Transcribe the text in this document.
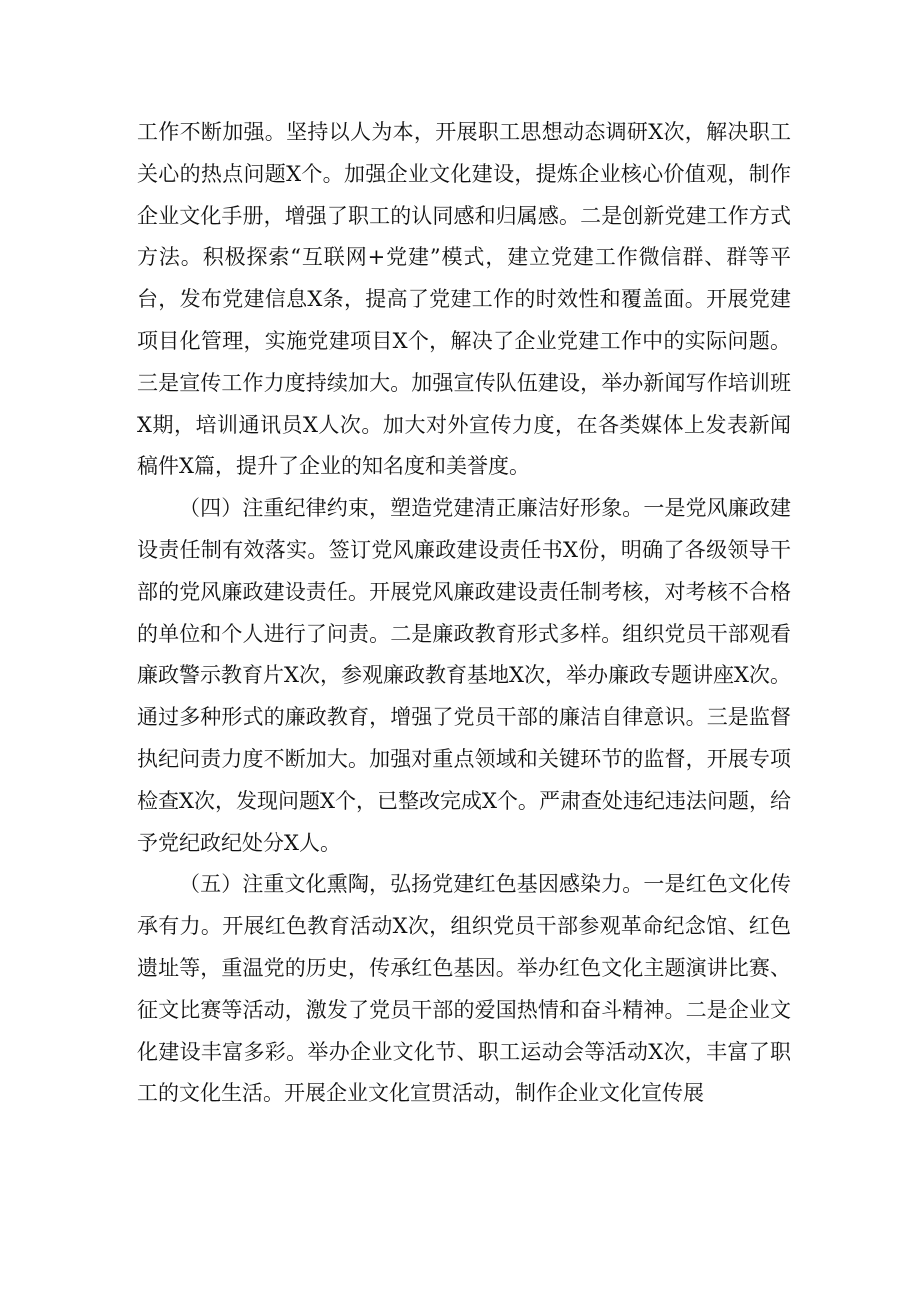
工作不断加强。坚持以人为本，开展职工思想动态调研X次，解决职工关心的热点问题X个。加强企业文化建设，提炼企业核心价值观，制作企业文化手册，增强了职工的认同感和归属感。二是创新党建工作方式方法。积极探索“互联网+党建”模式，建立党建工作微信群、群等平台，发布党建信息X条，提高了党建工作的时效性和覆盖面。开展党建项目化管理，实施党建项目X个，解决了企业党建工作中的实际问题。三是宣传工作力度持续加大。加强宣传队伍建设，举办新闻写作培训班X期，培训通讯员X人次。加大对外宣传力度，在各类媒体上发表新闻稿件X篇，提升了企业的知名度和美誉度。

（四）注重纪律约束，塑造党建清正廉洁好形象。一是党风廉政建设责任制有效落实。签订党风廉政建设责任书X份，明确了各级领导干部的党风廉政建设责任。开展党风廉政建设责任制考核，对考核不合格的单位和个人进行了问责。二是廉政教育形式多样。组织党员干部观看廉政警示教育片X次，参观廉政教育基地X次，举办廉政专题讲座X次。通过多种形式的廉政教育，增强了党员干部的廉洁自律意识。三是监督执纪问责力度不断加大。加强对重点领域和关键环节的监督，开展专项检查X次，发现问题X个，已整改完成X个。严肃查处违纪违法问题，给予党纪政纪处分X人。

（五）注重文化熏陶，弘扬党建红色基因感染力。一是红色文化传承有力。开展红色教育活动X次，组织党员干部参观革命纪念馆、红色遗址等，重温党的历史，传承红色基因。举办红色文化主题演讲比赛、征文比赛等活动，激发了党员干部的爱国热情和奋斗精神。二是企业文化建设丰富多彩。举办企业文化节、职工运动会等活动X次，丰富了职工的文化生活。开展企业文化宣贯活动，制作企业文化宣传展
